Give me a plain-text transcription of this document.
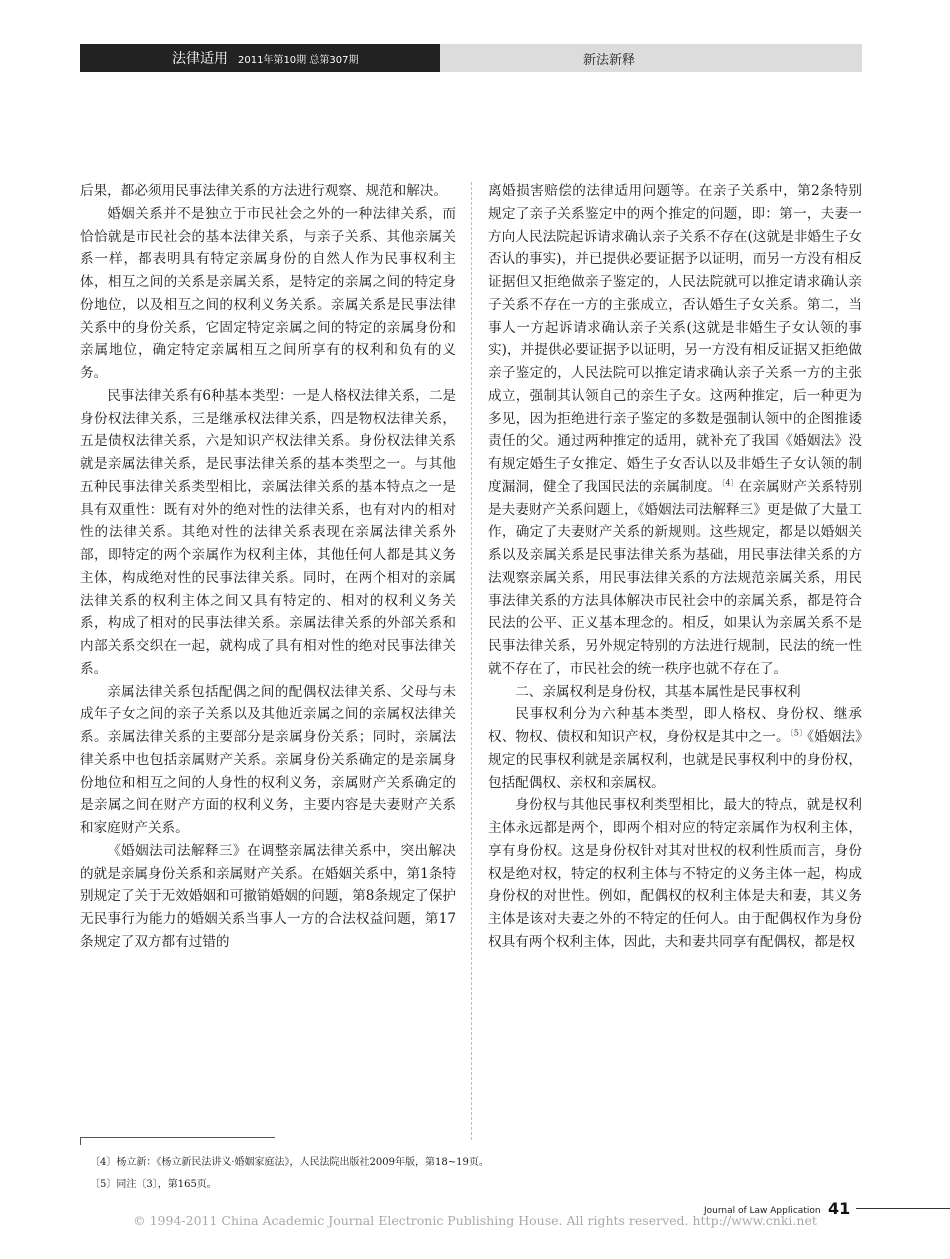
法律适用 2011年第10期 总第307期	新法新释

后果，都必须用民事法律关系的方法进行观察、规范和解决。

婚姻关系并不是独立于市民社会之外的一种法律关系，而恰恰就是市民社会的基本法律关系，与亲子关系、其他亲属关系一样，都表明具有特定亲属身份的自然人作为民事权利主体，相互之间的关系是亲属关系，是特定的亲属之间的特定身份地位，以及相互之间的权利义务关系。亲属关系是民事法律关系中的身份关系，它固定特定亲属之间的特定的亲属身份和亲属地位，确定特定亲属相互之间所享有的权利和负有的义务。

民事法律关系有6种基本类型：一是人格权法律关系，二是身份权法律关系，三是继承权法律关系，四是物权法律关系，五是债权法律关系，六是知识产权法律关系。身份权法律关系就是亲属法律关系，是民事法律关系的基本类型之一。与其他五种民事法律关系类型相比，亲属法律关系的基本特点之一是具有双重性：既有对外的绝对性的法律关系，也有对内的相对性的法律关系。其绝对性的法律关系表现在亲属法律关系外部，即特定的两个亲属作为权利主体，其他任何人都是其义务主体，构成绝对性的民事法律关系。同时，在两个相对的亲属法律关系的权利主体之间又具有特定的、相对的权利义务关系，构成了相对的民事法律关系。亲属法律关系的外部关系和内部关系交织在一起，就构成了具有相对性的绝对民事法律关系。

亲属法律关系包括配偶之间的配偶权法律关系、父母与未成年子女之间的亲子关系以及其他近亲属之间的亲属权法律关系。亲属法律关系的主要部分是亲属身份关系；同时，亲属法律关系中也包括亲属财产关系。亲属身份关系确定的是亲属身份地位和相互之间的人身性的权利义务，亲属财产关系确定的是亲属之间在财产方面的权利义务，主要内容是夫妻财产关系和家庭财产关系。

《婚姻法司法解释三》在调整亲属法律关系中，突出解决的就是亲属身份关系和亲属财产关系。在婚姻关系中，第1条特别规定了关于无效婚姻和可撤销婚姻的问题，第8条规定了保护无民事行为能力的婚姻关系当事人一方的合法权益问题，第17条规定了双方都有过错的

离婚损害赔偿的法律适用问题等。在亲子关系中，第2条特别规定了亲子关系鉴定中的两个推定的问题，即：第一，夫妻一方向人民法院起诉请求确认亲子关系不存在(这就是非婚生子女否认的事实)，并已提供必要证据予以证明，而另一方没有相反证据但又拒绝做亲子鉴定的，人民法院就可以推定请求确认亲子关系不存在一方的主张成立，否认婚生子女关系。第二，当事人一方起诉请求确认亲子关系(这就是非婚生子女认领的事实)，并提供必要证据予以证明，另一方没有相反证据又拒绝做亲子鉴定的，人民法院可以推定请求确认亲子关系一方的主张成立，强制其认领自己的亲生子女。这两种推定，后一种更为多见，因为拒绝进行亲子鉴定的多数是强制认领中的企图推诿责任的父。通过两种推定的适用，就补充了我国《婚姻法》没有规定婚生子女推定、婚生子女否认以及非婚生子女认领的制度漏洞，健全了我国民法的亲属制度。$^{〔4〕}$在亲属财产关系特别是夫妻财产关系问题上，《婚姻法司法解释三》更是做了大量工作，确定了夫妻财产关系的新规则。这些规定，都是以婚姻关系以及亲属关系是民事法律关系为基础，用民事法律关系的方法观察亲属关系，用民事法律关系的方法规范亲属关系，用民事法律关系的方法具体解决市民社会中的亲属关系，都是符合民法的公平、正义基本理念的。相反，如果认为亲属关系不是民事法律关系，另外规定特别的方法进行规制，民法的统一性就不存在了，市民社会的统一秩序也就不存在了。

二、亲属权利是身份权，其基本属性是民事权利

民事权利分为六种基本类型，即人格权、身份权、继承权、物权、债权和知识产权，身份权是其中之一。$^{〔5〕}$《婚姻法》规定的民事权利就是亲属权利，也就是民事权利中的身份权，包括配偶权、亲权和亲属权。

身份权与其他民事权利类型相比，最大的特点，就是权利主体永远都是两个，即两个相对应的特定亲属作为权利主体，享有身份权。这是身份权针对其对世权的权利性质而言，身份权是绝对权，特定的权利主体与不特定的义务主体一起，构成身份权的对世性。例如，配偶权的权利主体是夫和妻，其义务主体是该对夫妻之外的不特定的任何人。由于配偶权作为身份权具有两个权利主体，因此，夫和妻共同享有配偶权，都是权

〔4〕杨立新：《杨立新民法讲义·婚姻家庭法》，人民法院出版社2009年版，第18~19页。
〔5〕同注〔3〕，第165页。
Journal of Law Application 41
© 1994-2011 China Academic Journal Electronic Publishing House. All rights reserved. http://www.cnki.net
